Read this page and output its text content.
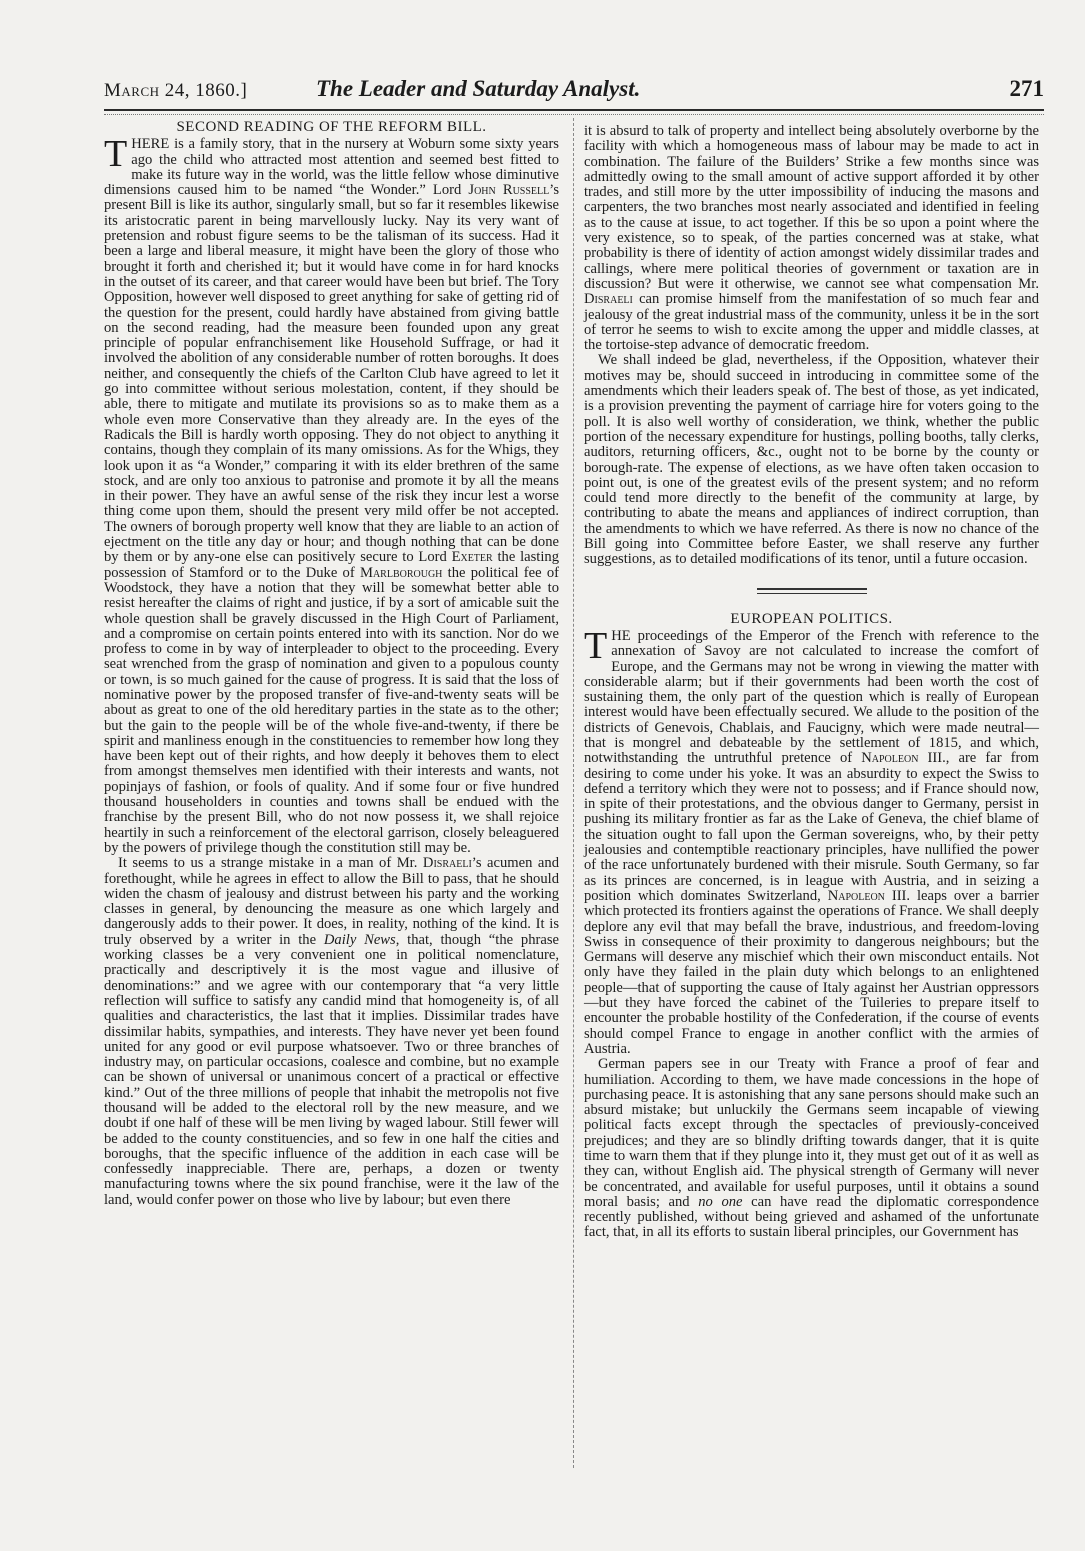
March 24, 1860.]	The Leader and Saturday Analyst.	271
SECOND READING OF THE REFORM BILL.

THERE is a family story, that in the nursery at Woburn some sixty years ago the child who attracted most attention and seemed best fitted to make its future way in the world, was the little fellow whose diminutive dimensions caused him to be named “the Wonder.” Lord John Russell’s present Bill is like its author, singularly small, but so far it resembles likewise its aristocratic parent in being marvellously lucky. Nay its very want of pretension and robust figure seems to be the talisman of its success. Had it been a large and liberal measure, it might have been the glory of those who brought it forth and cherished it; but it would have come in for hard knocks in the outset of its career, and that career would have been but brief. The Tory Opposition, however well disposed to greet anything for sake of getting rid of the question for the present, could hardly have abstained from giving battle on the second reading, had the measure been founded upon any great principle of popular enfranchisement like Household Suffrage, or had it involved the abolition of any considerable number of rotten boroughs. It does neither, and consequently the chiefs of the Carlton Club have agreed to let it go into committee without serious molestation, content, if they should be able, there to mitigate and mutilate its provisions so as to make them as a whole even more Conservative than they already are. In the eyes of the Radicals the Bill is hardly worth opposing. They do not object to anything it contains, though they complain of its many omissions. As for the Whigs, they look upon it as “a Wonder,” comparing it with its elder brethren of the same stock, and are only too anxious to patronise and promote it by all the means in their power. They have an awful sense of the risk they incur lest a worse thing come upon them, should the present very mild offer be not accepted. The owners of borough property well know that they are liable to an action of ejectment on the title any day or hour; and though nothing that can be done by them or by any-one else can positively secure to Lord Exeter the lasting possession of Stamford or to the Duke of Marlborough the political fee of Woodstock, they have a notion that they will be somewhat better able to resist hereafter the claims of right and justice, if by a sort of amicable suit the whole question shall be gravely discussed in the High Court of Parliament, and a compromise on certain points entered into with its sanction. Nor do we profess to come in by way of interpleader to object to the proceeding. Every seat wrenched from the grasp of nomination and given to a populous county or town, is so much gained for the cause of progress. It is said that the loss of nominative power by the proposed transfer of five-and-twenty seats will be about as great to one of the old hereditary parties in the state as to the other; but the gain to the people will be of the whole five-and-twenty, if there be spirit and manliness enough in the constituencies to remember how long they have been kept out of their rights, and how deeply it behoves them to elect from amongst themselves men identified with their interests and wants, not popinjays of fashion, or fools of quality. And if some four or five hundred thousand householders in counties and towns shall be endued with the franchise by the present Bill, who do not now possess it, we shall rejoice heartily in such a reinforcement of the electoral garrison, closely beleaguered by the powers of privilege though the constitution still may be.

It seems to us a strange mistake in a man of Mr. Disraeli’s acumen and forethought, while he agrees in effect to allow the Bill to pass, that he should widen the chasm of jealousy and distrust between his party and the working classes in general, by denouncing the measure as one which largely and dangerously adds to their power. It does, in reality, nothing of the kind. It is truly observed by a writer in the Daily News, that, though “the phrase working classes be a very convenient one in political nomenclature, practically and descriptively it is the most vague and illusive of denominations:” and we agree with our contemporary that “a very little reflection will suffice to satisfy any candid mind that homogeneity is, of all qualities and characteristics, the last that it implies. Dissimilar trades have dissimilar habits, sympathies, and interests. They have never yet been found united for any good or evil purpose whatsoever. Two or three branches of industry may, on particular occasions, coalesce and combine, but no example can be shown of universal or unanimous concert of a practical or effective kind.” Out of the three millions of people that inhabit the metropolis not five thousand will be added to the electoral roll by the new measure, and we doubt if one half of these will be men living by waged labour. Still fewer will be added to the county constituencies, and so few in one half the cities and boroughs, that the specific influence of the addition in each case will be confessedly inappreciable. There are, perhaps, a dozen or twenty manufacturing towns where the six pound franchise, were it the law of the land, would confer power on those who live by labour; but even there

it is absurd to talk of property and intellect being absolutely overborne by the facility with which a homogeneous mass of labour may be made to act in combination. The failure of the Builders’ Strike a few months since was admittedly owing to the small amount of active support afforded it by other trades, and still more by the utter impossibility of inducing the masons and carpenters, the two branches most nearly associated and identified in feeling as to the cause at issue, to act together. If this be so upon a point where the very existence, so to speak, of the parties concerned was at stake, what probability is there of identity of action amongst widely dissimilar trades and callings, where mere political theories of government or taxation are in discussion? But were it otherwise, we cannot see what compensation Mr. Disraeli can promise himself from the manifestation of so much fear and jealousy of the great industrial mass of the community, unless it be in the sort of terror he seems to wish to excite among the upper and middle classes, at the tortoise-step advance of democratic freedom.

We shall indeed be glad, nevertheless, if the Opposition, whatever their motives may be, should succeed in introducing in committee some of the amendments which their leaders speak of. The best of those, as yet indicated, is a provision preventing the payment of carriage hire for voters going to the poll. It is also well worthy of consideration, we think, whether the public portion of the necessary expenditure for hustings, polling booths, tally clerks, auditors, returning officers, &c., ought not to be borne by the county or borough-rate. The expense of elections, as we have often taken occasion to point out, is one of the greatest evils of the present system; and no reform could tend more directly to the benefit of the community at large, by contributing to abate the means and appliances of indirect corruption, than the amendments to which we have referred. As there is now no chance of the Bill going into Committee before Easter, we shall reserve any further suggestions, as to detailed modifications of its tenor, until a future occasion.

EUROPEAN POLITICS.

THE proceedings of the Emperor of the French with reference to the annexation of Savoy are not calculated to increase the comfort of Europe, and the Germans may not be wrong in viewing the matter with considerable alarm; but if their governments had been worth the cost of sustaining them, the only part of the question which is really of European interest would have been effectually secured. We allude to the position of the districts of Genevois, Chablais, and Faucigny, which were made neutral—that is mongrel and debateable by the settlement of 1815, and which, notwithstanding the untruthful pretence of Napoleon III., are far from desiring to come under his yoke. It was an absurdity to expect the Swiss to defend a territory which they were not to possess; and if France should now, in spite of their protestations, and the obvious danger to Germany, persist in pushing its military frontier as far as the Lake of Geneva, the chief blame of the situation ought to fall upon the German sovereigns, who, by their petty jealousies and contemptible reactionary principles, have nullified the power of the race unfortunately burdened with their misrule. South Germany, so far as its princes are concerned, is in league with Austria, and in seizing a position which dominates Switzerland, Napoleon III. leaps over a barrier which protected its frontiers against the operations of France. We shall deeply deplore any evil that may befall the brave, industrious, and freedom-loving Swiss in consequence of their proximity to dangerous neighbours; but the Germans will deserve any mischief which their own misconduct entails. Not only have they failed in the plain duty which belongs to an enlightened people—that of supporting the cause of Italy against her Austrian oppressors—but they have forced the cabinet of the Tuileries to prepare itself to encounter the probable hostility of the Confederation, if the course of events should compel France to engage in another conflict with the armies of Austria.

German papers see in our Treaty with France a proof of fear and humiliation. According to them, we have made concessions in the hope of purchasing peace. It is astonishing that any sane persons should make such an absurd mistake; but unluckily the Germans seem incapable of viewing political facts except through the spectacles of previously-conceived prejudices; and they are so blindly drifting towards danger, that it is quite time to warn them that if they plunge into it, they must get out of it as well as they can, without English aid. The physical strength of Germany will never be concentrated, and available for useful purposes, until it obtains a sound moral basis; and no one can have read the diplomatic correspondence recently published, without being grieved and ashamed of the unfortunate fact, that, in all its efforts to sustain liberal principles, our Government has
